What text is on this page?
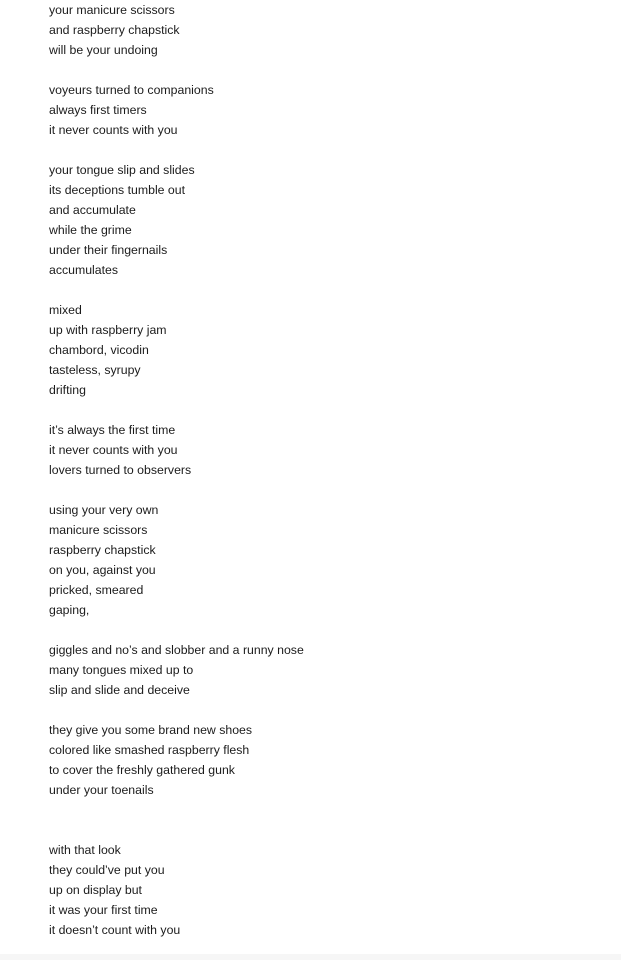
your manicure scissors
and raspberry chapstick
will be your undoing
voyeurs turned to companions
always first timers
it never counts with you
your tongue slip and slides
its deceptions tumble out
and accumulate
while the grime
under their fingernails
accumulates
mixed
up with raspberry jam
chambord, vicodin
tasteless, syrupy
drifting
it’s always the first time
it never counts with you
lovers turned to observers
using your very own
manicure scissors
raspberry chapstick
on you, against you
pricked, smeared
gaping,
giggles and no’s and slobber and a runny nose
many tongues mixed up to
slip and slide and deceive
they give you some brand new shoes
colored like smashed raspberry flesh
to cover the freshly gathered gunk
under your toenails
with that look
they could’ve put you
up on display but
it was your first time
it doesn’t count with you
